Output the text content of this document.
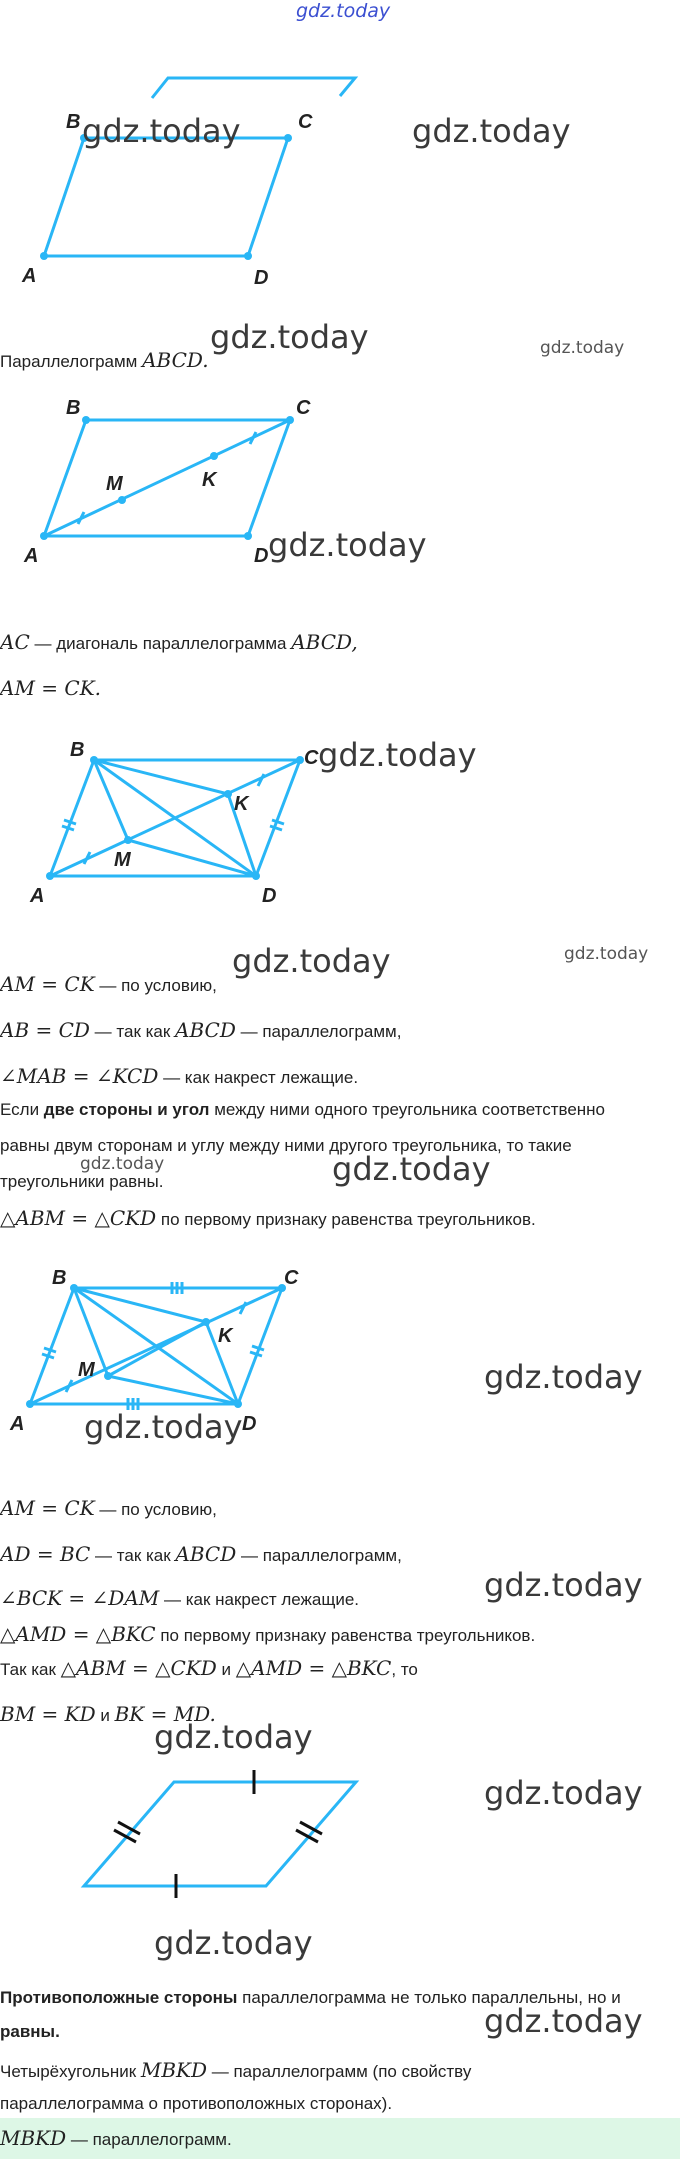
gdz.today
A
B	C
D
gdz.today	gdz.today
gdz.today	gdz.today
Параллелограмм ABCD.
A
B	C
D
M	K
gdz.today
AC — диагональ параллелограмма ABCD,
AM = CK.
A
B	C
D
M
K
gdz.today
gdz.today	gdz.today
AM = CK — по условию,
AB = CD — так как ABCD — параллелограмм,
∠MAB = ∠KCD — как накрест лежащие.
Если две стороны и угол между ними одного треугольника соответственно
равны двум сторонам и углу между ними другого треугольника, то такие
gdz.today	gdz.today
треугольники равны.
△ABM = △CKD по первому признаку равенства треугольников.
A
B	C
D
M
K
gdz.today
gdz.today
AM = CK — по условию,
AD = BC — так как ABCD — параллелограмм,
gdz.today
∠BCK = ∠DAM — как накрест лежащие.
△AMD = △BKC по первому признаку равенства треугольников.
Так как △ABM = △CKD и △AMD = △BKC, то
BM = KD и BK = MD.
gdz.today
gdz.today
gdz.today
Противоположные стороны параллелограмма не только параллельны, но и
равны.	gdz.today
Четырёхугольник MBKD — параллелограмм (по свойству
параллелограмма о противоположных сторонах).
MBKD — параллелограмм.
